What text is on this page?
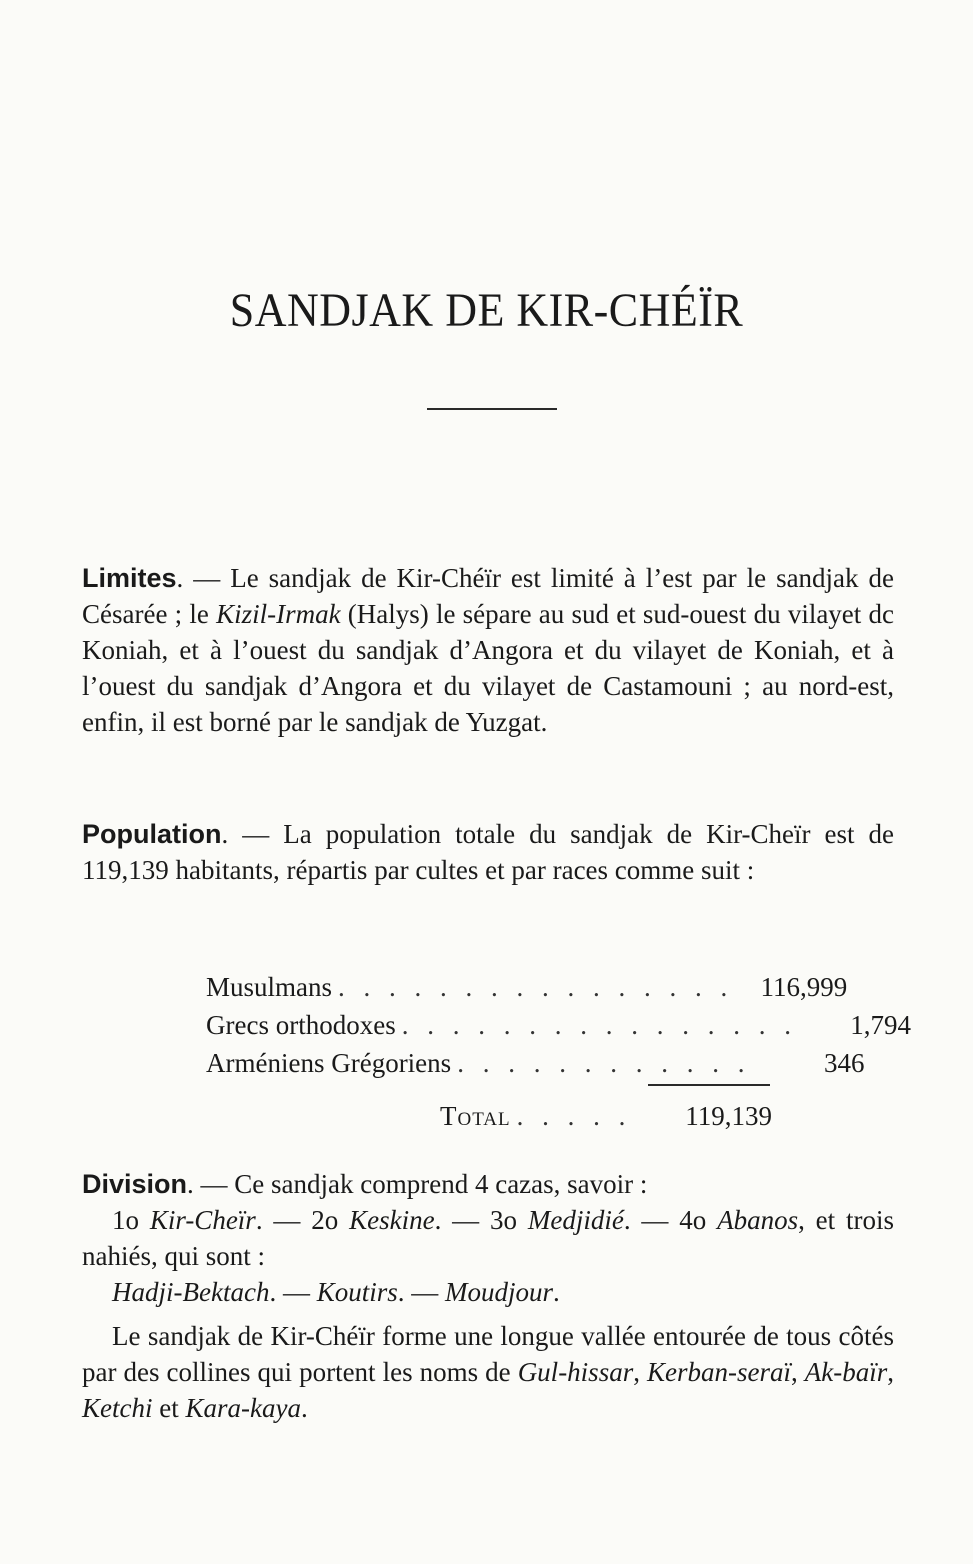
SANDJAK DE KIR-CHÉÏR

Limites. — Le sandjak de Kir-Chéïr est limité à l’est par le sandjak de Césarée ; le Kizil-Irmak (Halys) le sépare au sud et sud-ouest du vilayet dc Koniah, et à l’ouest du sandjak d’Angora et du vilayet de Koniah, et à l’ouest du sandjak d’Angora et du vilayet de Castamouni ; au nord-est, enfin, il est borné par le sandjak de Yuzgat.

Population. — La population totale du sandjak de Kir-Cheïr est de 119,139 habitants, répartis par cultes et par races comme suit :

Musulmans . . . . . . . . . . . . . . . .	116,999
Grecs orthodoxes . . . . . . . . . . . . . . . .	1,794
Arméniens Grégoriens . . . . . . . . . . . .	346
Total . . . . .	119,139

Division. — Ce sandjak comprend 4 cazas, savoir :
1o Kir-Cheïr. — 2o Keskine. — 3o Medjidié. — 4o Abanos, et trois nahiés, qui sont :
Hadji-Bektach. — Koutirs. — Moudjour.

Le sandjak de Kir-Chéïr forme une longue vallée entourée de tous côtés par des collines qui portent les noms de Gul-hissar, Kerban-seraï, Ak-baïr, Ketchi et Kara-kaya.
